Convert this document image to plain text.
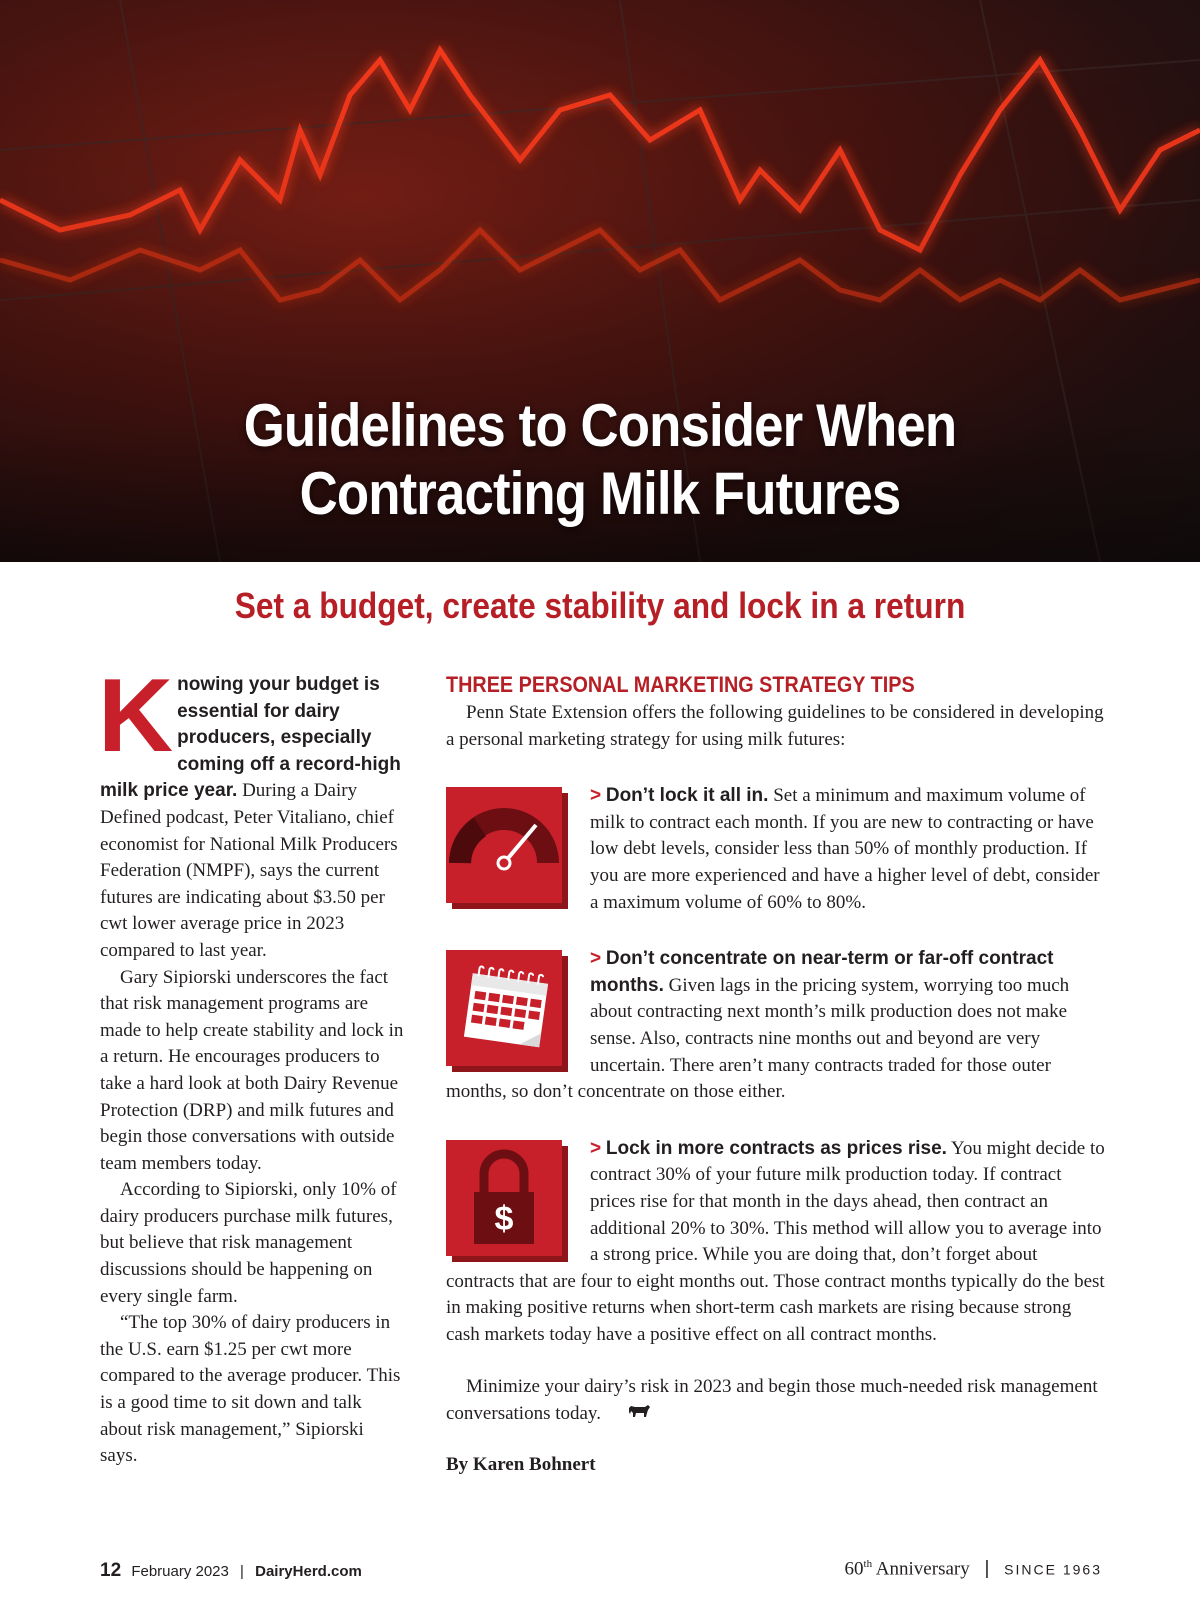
Guidelines to Consider When
Contracting Milk Futures
Set a budget, create stability and lock in a return

Knowing your budget is essential for dairy producers, especially coming off a record-high milk price year. During a Dairy Defined podcast, Peter Vitaliano, chief economist for National Milk Producers Federation (NMPF), says the current futures are indicating about $3.50 per cwt lower average price in 2023 compared to last year.

Gary Sipiorski underscores the fact that risk management programs are made to help create stability and lock in a return. He encourages producers to take a hard look at both Dairy Revenue Protection (DRP) and milk futures and begin those conversations with outside team members today.

According to Sipiorski, only 10% of dairy producers purchase milk futures, but believe that risk management discussions should be happening on every single farm.

“The top 30% of dairy producers in the U.S. earn $1.25 per cwt more compared to the average producer. This is a good time to sit down and talk about risk management,” Sipiorski says.

THREE PERSONAL MARKETING STRATEGY TIPS

Penn State Extension offers the following guidelines to be considered in developing a personal marketing strategy for using milk futures:

> Don’t lock it all in. Set a minimum and maximum volume of milk to contract each month. If you are new to contracting or have low debt levels, consider less than 50% of monthly production. If you are more experienced and have a higher level of debt, consider a maximum volume of 60% to 80%.

> Don’t concentrate on near-term or far-off contract months. Given lags in the pricing system, worrying too much about contracting next month’s milk production does not make sense. Also, contracts nine months out and beyond are very uncertain. There aren’t many contracts traded for those outer months, so don’t concentrate on those either.

$

> Lock in more contracts as prices rise. You might decide to contract 30% of your future milk production today. If contract prices rise for that month in the days ahead, then contract an additional 20% to 30%. This method will allow you to average into a strong price. While you are doing that, don’t forget about contracts that are four to eight months out. Those contract months typically do the best in making positive returns when short-term cash markets are rising because strong cash markets today have a positive effect on all contract months.

Minimize your dairy’s risk in 2023 and begin those much-needed risk management conversations today.

By Karen Bohnert

12 February 2023 | DairyHerd.com	60th Anniversary | SINCE 1963
